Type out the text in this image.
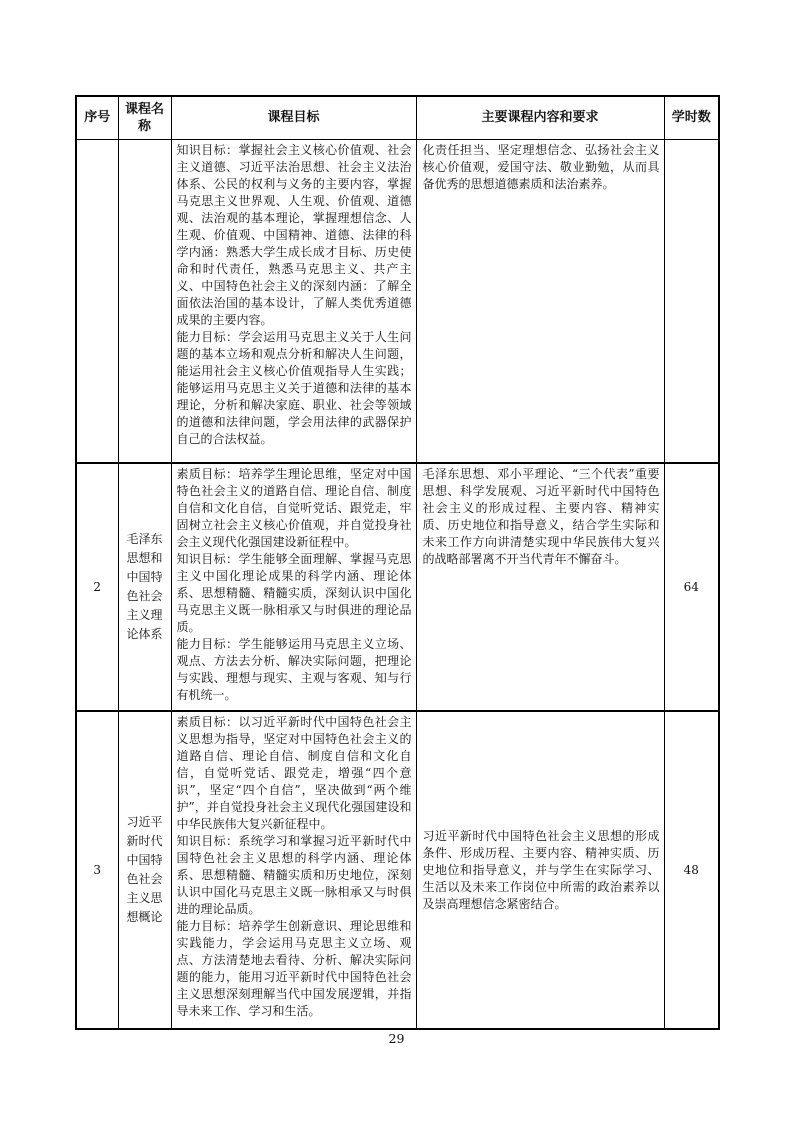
序号	课程名称	课程目标	主要课程内容和要求	学时数

		知识目标：掌握社会主义核心价值观、社会主义道德、习近平法治思想、社会主义法治体系、公民的权利与义务的主要内容，掌握马克思主义世界观、人生观、价值观、道德观、法治观的基本理论，掌握理想信念、人生观、价值观、中国精神、道德、法律的科学内涵：熟悉大学生成长成才目标、历史使命和时代责任，熟悉马克思主义、共产主义、中国特色社会主义的深刻内涵：了解全面依法治国的基本设计，了解人类优秀道德成果的主要内容。

能力目标：学会运用马克思主义关于人生问题的基本立场和观点分析和解决人生问题，能运用社会主义核心价值观指导人生实践；能够运用马克思主义关于道德和法律的基本理论，分析和解决家庭、职业、社会等领域的道德和法律问题，学会用法律的武器保护自己的合法权益。	化责任担当、坚定理想信念、弘扬社会主义核心价值观，爱国守法、敬业勤勉，从而具备优秀的思想道德素质和法治素养。	

2	毛泽东思想和中国特色社会主义理论体系	素质目标：培养学生理论思维，坚定对中国特色社会主义的道路自信、理论自信、制度自信和文化自信，自觉听党话、跟党走，牢固树立社会主义核心价值观，并自觉投身社会主义现代化强国建设新征程中。

知识目标：学生能够全面理解、掌握马克思主义中国化理论成果的科学内涵、理论体系、思想精髓、精髓实质，深刻认识中国化马克思主义既一脉相承又与时俱进的理论品质。

能力目标：学生能够运用马克思主义立场、观点、方法去分析、解决实际问题，把理论与实践、理想与现实、主观与客观、知与行有机统一。	毛泽东思想、邓小平理论、“三个代表”重要思想、科学发展观、习近平新时代中国特色社会主义的形成过程、主要内容、精神实质、历史地位和指导意义，结合学生实际和未来工作方向讲清楚实现中华民族伟大复兴的战略部署离不开当代青年不懈奋斗。	64
3	习近平新时代中国特色社会主义思想概论	素质目标：以习近平新时代中国特色社会主义思想为指导，坚定对中国特色社会主义的道路自信、理论自信、制度自信和文化自信，自觉听党话、跟党走，增强“四个意识”，坚定“四个自信”，坚决做到“两个维护”，并自觉投身社会主义现代化强国建设和中华民族伟大复兴新征程中。

知识目标：系统学习和掌握习近平新时代中国特色社会主义思想的科学内涵、理论体系、思想精髓、精髓实质和历史地位，深刻认识中国化马克思主义既一脉相承又与时俱进的理论品质。

能力目标：培养学生创新意识、理论思维和实践能力，学会运用马克思主义立场、观点、方法清楚地去看待、分析、解决实际问题的能力，能用习近平新时代中国特色社会主义思想深刻理解当代中国发展逻辑，并指导未来工作、学习和生活。	习近平新时代中国特色社会主义思想的形成条件、形成历程、主要内容、精神实质、历史地位和指导意义，并与学生在实际学习、生活以及未来工作岗位中所需的政治素养以及崇高理想信念紧密结合。	48
29
